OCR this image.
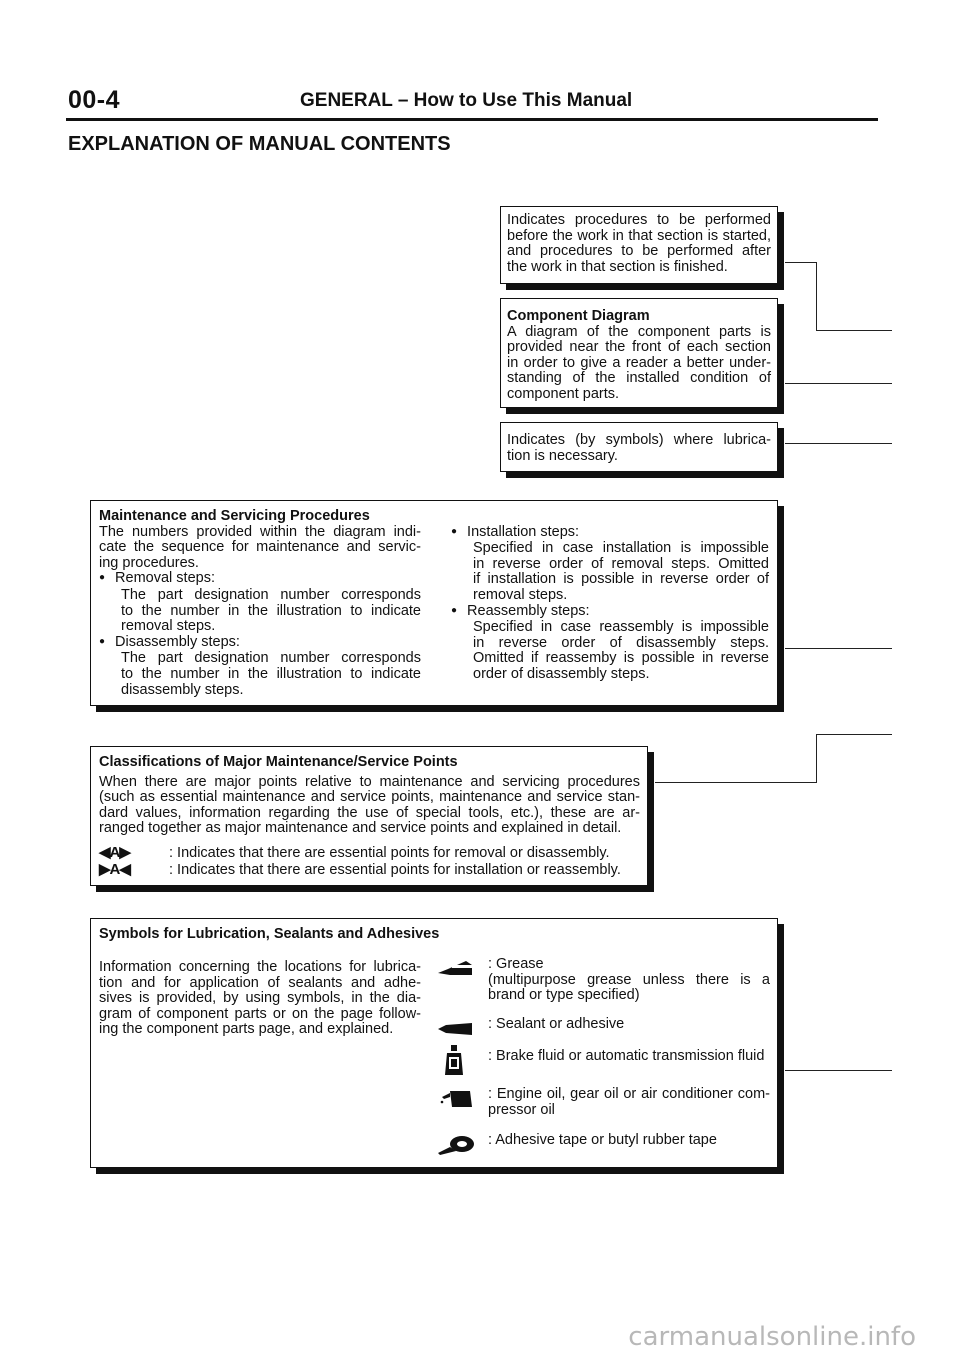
00-4	GENERAL – How to Use This Manual
EXPLANATION OF MANUAL CONTENTS

Indicates procedures to be performed

before the work in that section is started,

and procedures to be performed after

the work in that section is finished.

Component Diagram

A diagram of the component parts is

provided near the front of each section

in order to give a reader a better under-

standing of the installed condition of

component parts.

Indicates (by symbols) where lubrica-

tion is necessary.

Maintenance and Servicing Procedures

The numbers provided within the diagram indi-

cate the sequence for maintenance and servic-

ing procedures.

● Removal steps:

The part designation number corresponds

to the number in the illustration to indicate

removal steps.

● Disassembly steps:

The part designation number corresponds

to the number in the illustration to indicate

disassembly steps.

● Installation steps:

Specified in case installation is impossible

in reverse order of removal steps. Omitted

if installation is possible in reverse order of

removal steps.

● Reassembly steps:

Specified in case reassembly is impossible

in reverse order of disassembly steps.

Omitted if reassemby is possible in reverse

order of disassembly steps.

Classifications of Major Maintenance/Service Points

When there are major points relative to maintenance and servicing procedures

(such as essential maintenance and service points, maintenance and service stan-

dard values, information regarding the use of special tools, etc.), these are ar-

ranged together as major maintenance and service points and explained in detail.

◀A▶	: Indicates that there are essential points for removal or disassembly.

▶A◀	: Indicates that there are essential points for installation or reassembly.

Symbols for Lubrication, Sealants and Adhesives

Information concerning the locations for lubrica-

tion and for application of sealants and adhe-

sives is provided, by using symbols, in the dia-

gram of component parts or on the page follow-

ing the component parts page, and explained.

: Grease

(multipurpose grease unless there is a

brand or type specified)

: Sealant or adhesive

: Brake fluid or automatic transmission fluid

: Engine oil, gear oil or air conditioner com-

pressor oil

: Adhesive tape or butyl rubber tape

carmanualsonline.info
